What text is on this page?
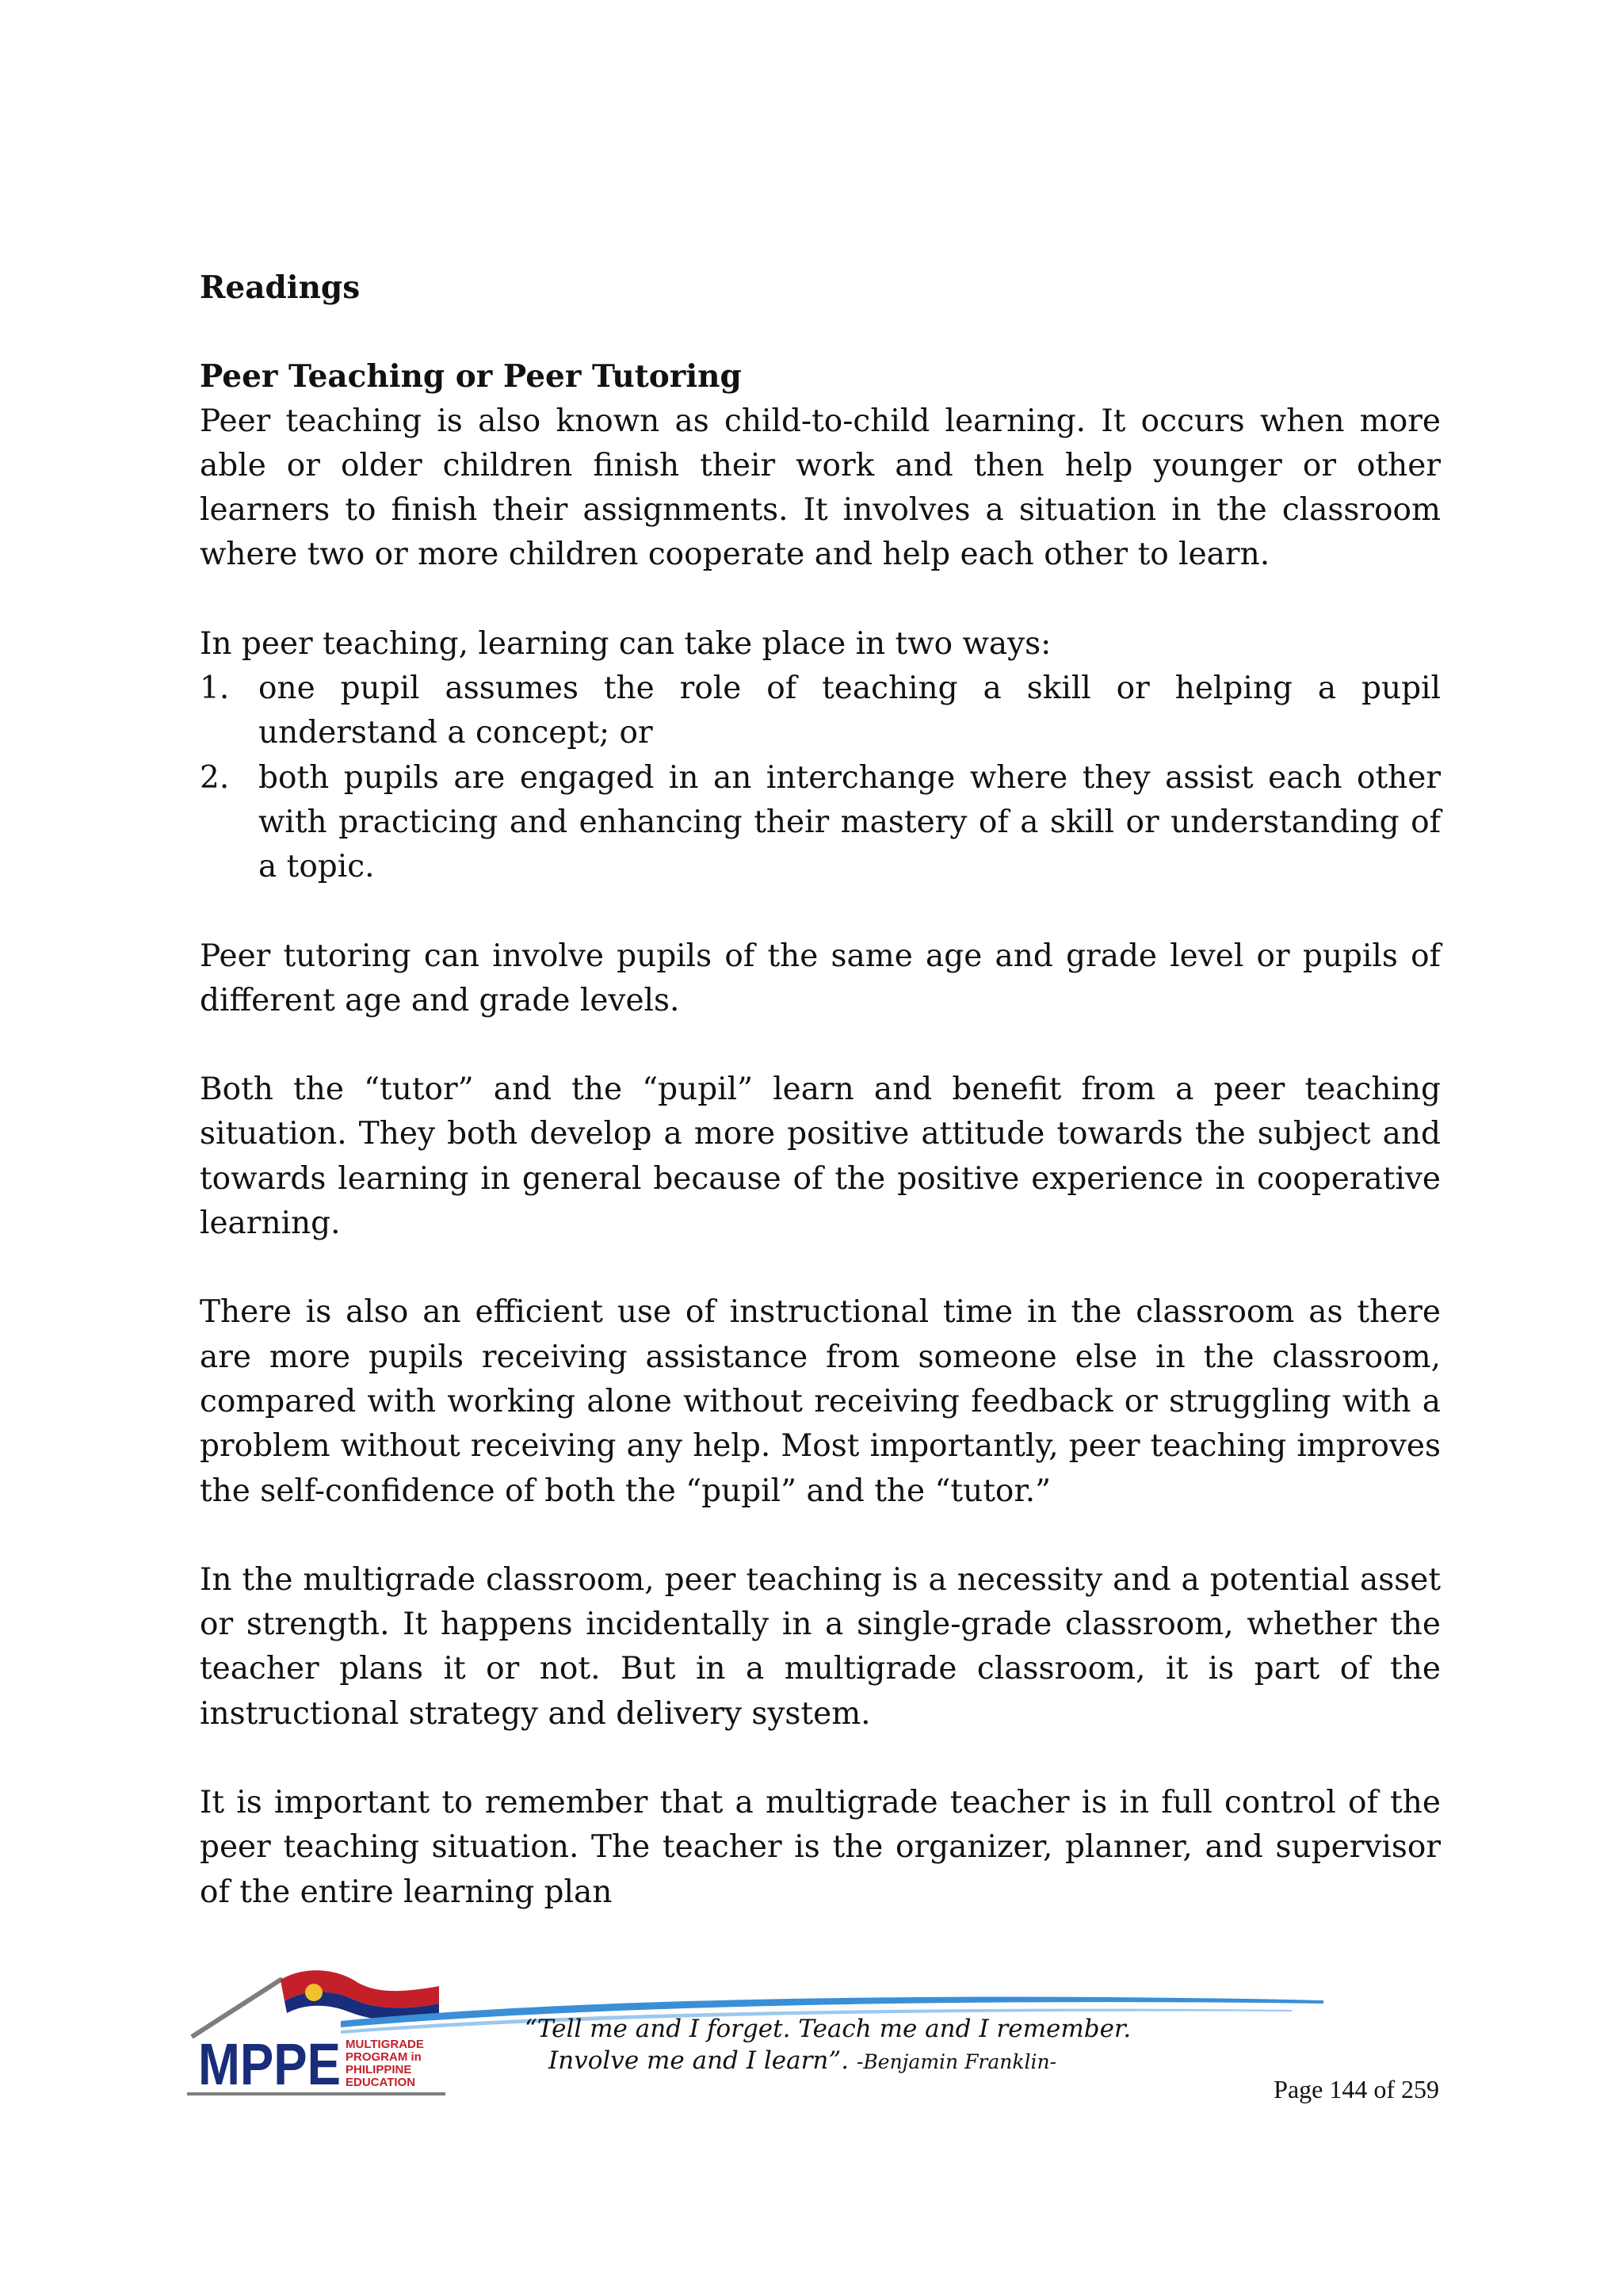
Readings
Peer Teaching or Peer Tutoring

Peer teaching is also known as child-to-child learning. It occurs when more able or older children finish their work and then help younger or other learners to finish their assignments. It involves a situation in the classroom where two or more children cooperate and help each other to learn.

In peer teaching, learning can take place in two ways:

1. one pupil assumes the role of teaching a skill or helping a pupil understand a concept; or
2. both pupils are engaged in an interchange where they assist each other with practicing and enhancing their mastery of a skill or understanding of a topic.

Peer tutoring can involve pupils of the same age and grade level or pupils of different age and grade levels.

Both the “tutor” and the “pupil” learn and benefit from a peer teaching situation. They both develop a more positive attitude towards the subject and towards learning in general because of the positive experience in cooperative learning.

There is also an efficient use of instructional time in the classroom as there are more pupils receiving assistance from someone else in the classroom, compared with working alone without receiving feedback or struggling with a problem without receiving any help. Most importantly, peer teaching improves the self-confidence of both the “pupil” and the “tutor.”

In the multigrade classroom, peer teaching is a necessity and a potential asset or strength. It happens incidentally in a single-grade classroom, whether the teacher plans it or not. But in a multigrade classroom, it is part of the instructional strategy and delivery system.

It is important to remember that a multigrade teacher is in full control of the peer teaching situation. The teacher is the organizer, planner, and supervisor of the entire learning plan

MPPE MULTIGRADE
PROGRAM in
PHILIPPINE
EDUCATION
“Tell me and I forget. Teach me and I remember.
Involve me and I learn”. -Benjamin Franklin-
Page 144 of 259
